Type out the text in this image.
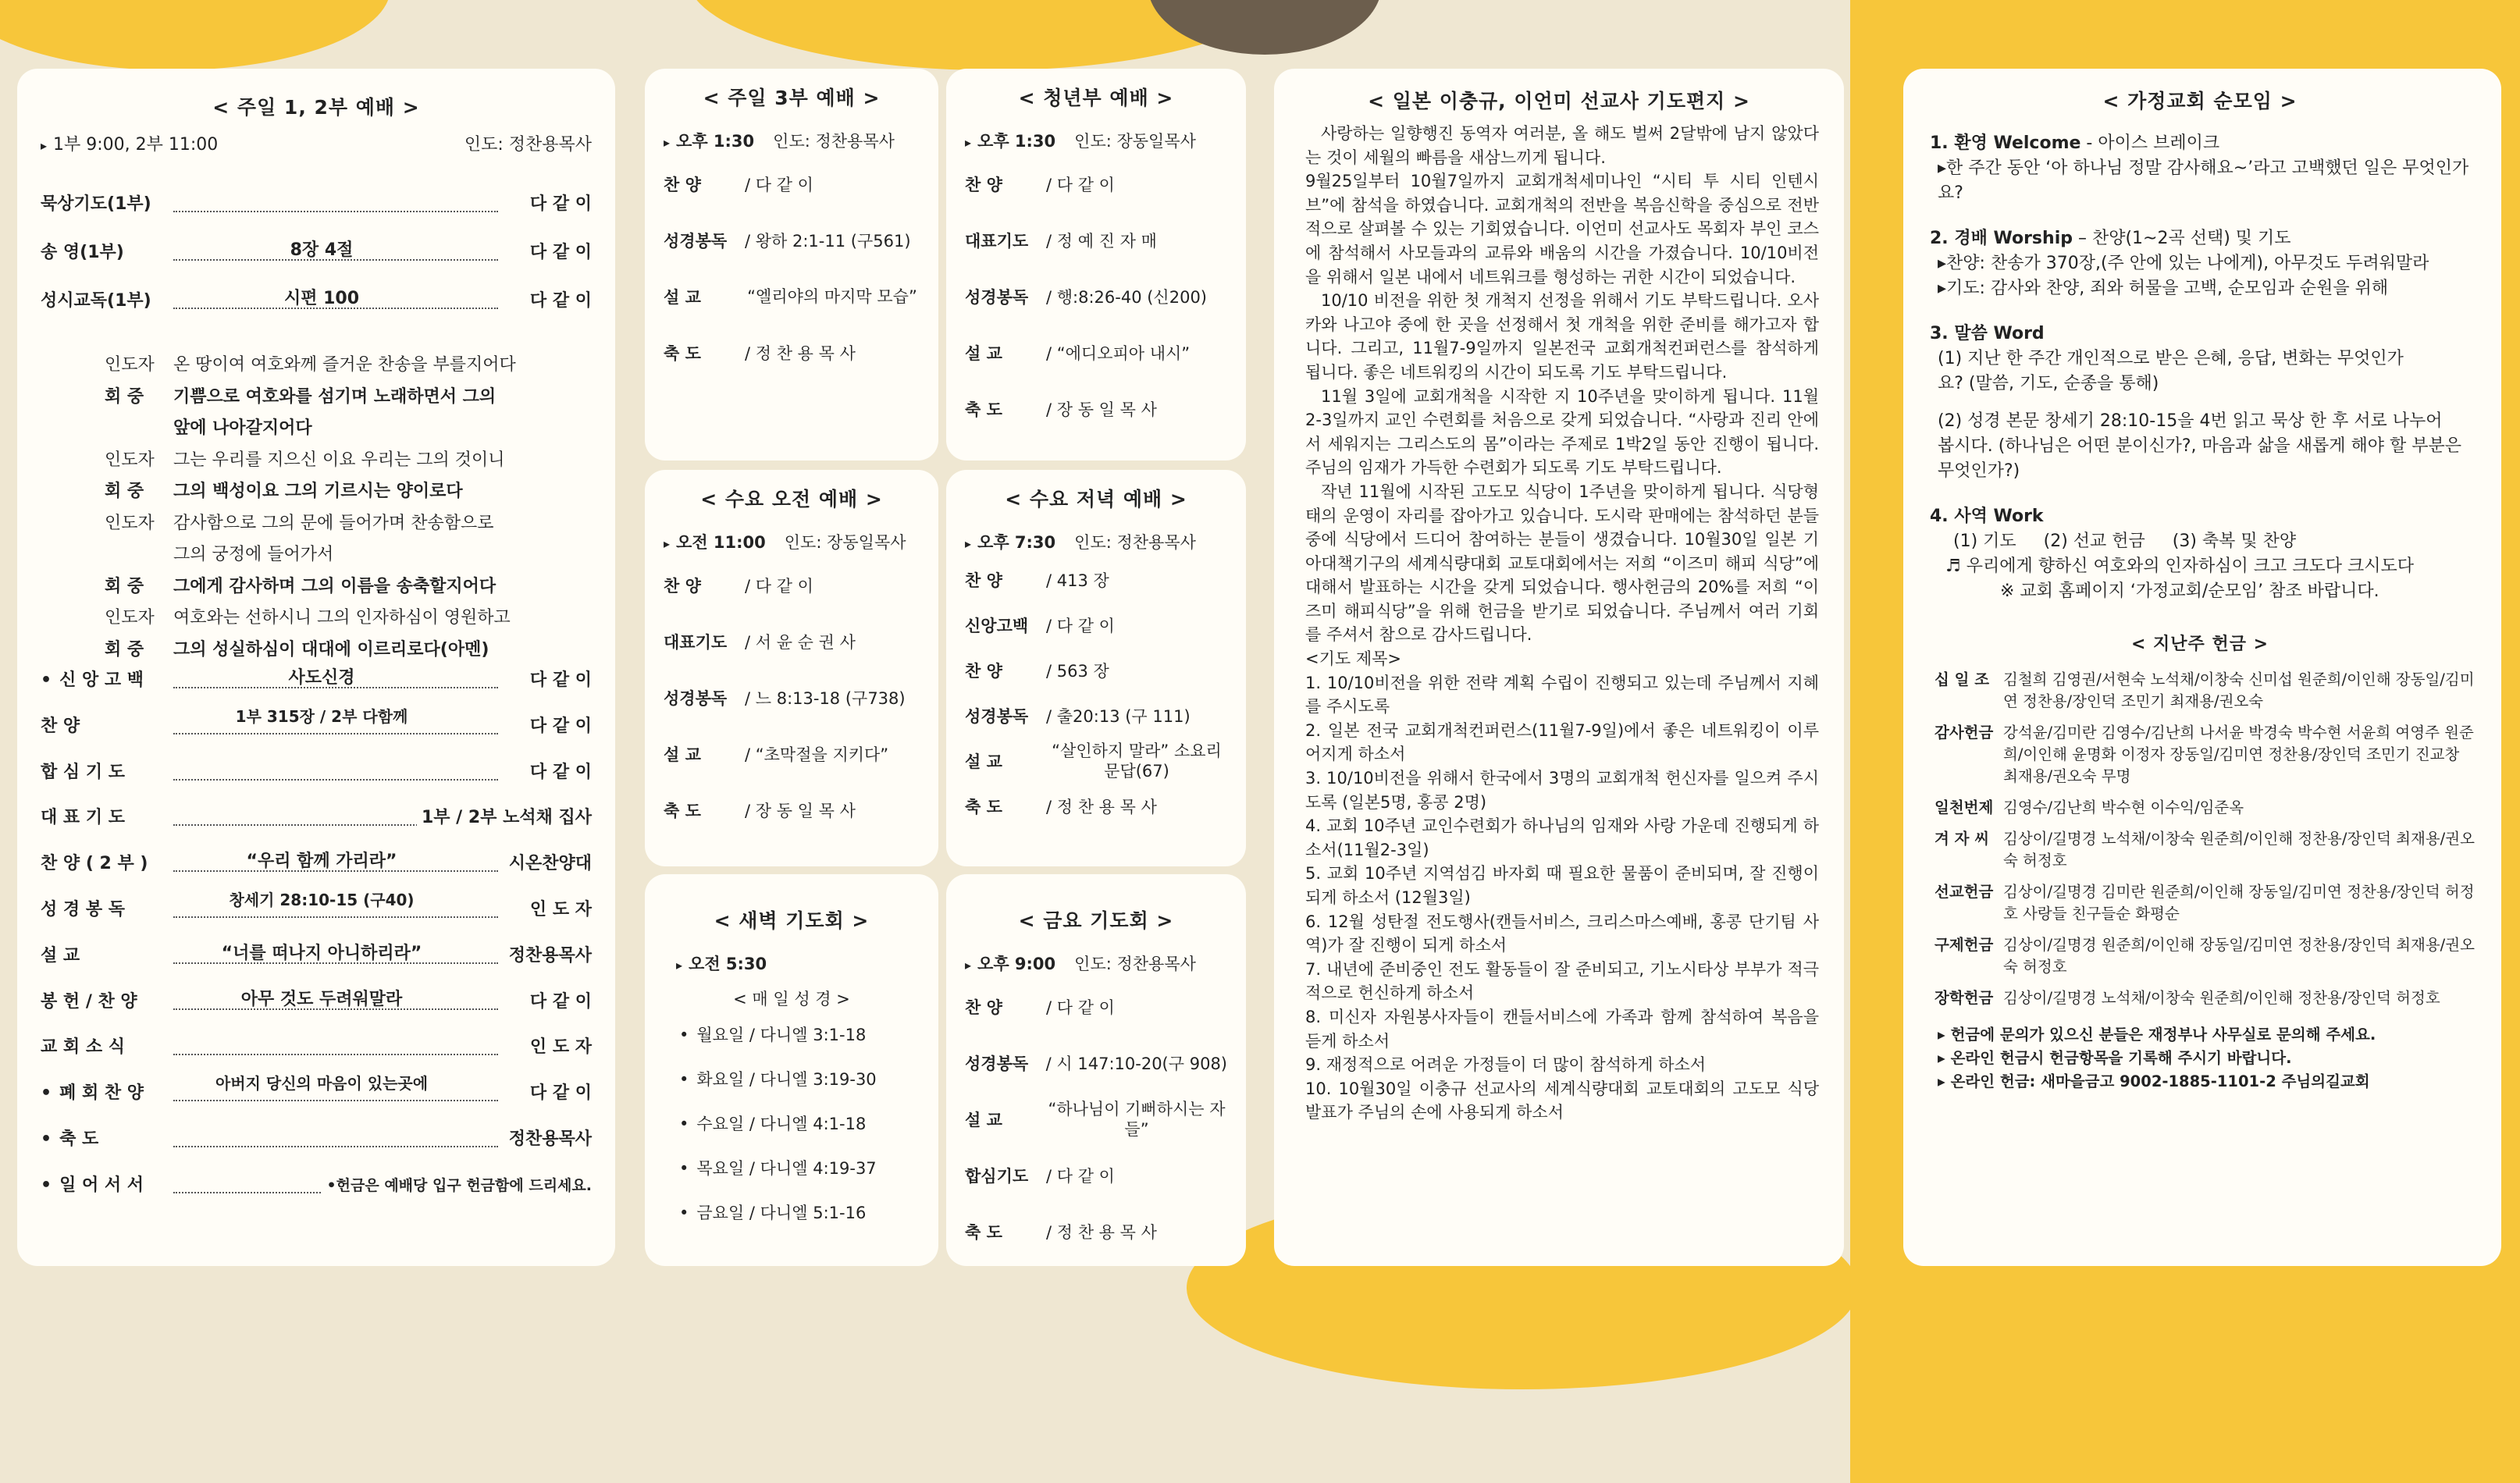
< 주일 1, 2부 예배 >
▸ 1부 9:00, 2부 11:00	인도: 정찬용목사
묵상기도(1부)	다 같 이
송 영(1부)	8장 4절	다 같 이
성시교독(1부)	시편 100	다 같 이
인도자 온 땅이여 여호와께 즐거운 찬송을 부를지어다
회 중 기쁨으로 여호와를 섬기며 노래하면서 그의
앞에 나아갈지어다
인도자 그는 우리를 지으신 이요 우리는 그의 것이니
회 중 그의 백성이요 그의 기르시는 양이로다
인도자 감사함으로 그의 문에 들어가며 찬송함으로
그의 궁정에 들어가서
회 중 그에게 감사하며 그의 이름을 송축할지어다
인도자 여호와는 선하시니 그의 인자하심이 영원하고
회 중 그의 성실하심이 대대에 이르리로다(아멘)
• 신 앙 고 백	사도신경	다 같 이
찬 양	1부 315장 / 2부 다함께	다 같 이
합 심 기 도	다 같 이
대 표 기 도	1부 / 2부 노석채 집사
찬 양 ( 2 부 )	“우리 함께 가리라”	시온찬양대
성 경 봉 독	창세기 28:10-15 (구40)	인 도 자
설 교	“너를 떠나지 아니하리라”	정찬용목사
봉 헌 / 찬 양	아무 것도 두려워말라	다 같 이
교 회 소 식	인 도 자
• 폐 회 찬 양	아버지 당신의 마음이 있는곳에	다 같 이
• 축 도	정찬용목사
• 일 어 서 서	•헌금은 예배당 입구 헌금함에 드리세요.
< 주일 3부 예배 >
▸ 오후 1:30 인도: 정찬용목사
찬 양	/ 다 같 이
성경봉독	/ 왕하 2:1-11 (구561)
설 교	“엘리야의 마지막 모습”
축 도	/ 정 찬 용 목 사
< 청년부 예배 >
▸ 오후 1:30 인도: 장동일목사
찬 양	/ 다 같 이
대표기도	/ 정 예 진 자 매
성경봉독	/ 행:8:26-40 (신200)
설 교	/ “에디오피아 내시”
축 도	/ 장 동 일 목 사
< 수요 오전 예배 >
▸ 오전 11:00 인도: 장동일목사
찬 양	/ 다 같 이
대표기도	/ 서 윤 순 권 사
성경봉독	/ 느 8:13-18 (구738)
설 교	/ “초막절을 지키다”
축 도	/ 장 동 일 목 사
< 수요 저녁 예배 >
▸ 오후 7:30 인도: 정찬용목사
찬 양	/ 413 장
신앙고백	/ 다 같 이
찬 양	/ 563 장
성경봉독	/ 출20:13 (구 111)
설 교
“살인하지 말라” 소요리문답(67)
축 도	/ 정 찬 용 목 사
< 새벽 기도회 >
▸ 오전 5:30
< 매 일 성 경 >
• 월요일 / 다니엘 3:1-18
• 화요일 / 다니엘 3:19-30
• 수요일 / 다니엘 4:1-18
• 목요일 / 다니엘 4:19-37
• 금요일 / 다니엘 5:1-16
< 금요 기도회 >
▸ 오후 9:00 인도: 정찬용목사
찬 양	/ 다 같 이
성경봉독	/ 시 147:10-20(구 908)
설 교
“하나님이 기뻐하시는 자들”
합심기도	/ 다 같 이
축 도	/ 정 찬 용 목 사
< 일본 이충규, 이언미 선교사 기도편지 >
사랑하는 일향행진 동역자 여러분, 올 해도 벌써 2달밖에 남지 않았다는 것이 세월의 빠름을 새삼느끼게 됩니다.
9월25일부터 10월7일까지 교회개척세미나인 “시티 투 시티 인텐시브”에 참석을 하였습니다. 교회개척의 전반을 복음신학을 중심으로 전반적으로 살펴볼 수 있는 기회였습니다. 이언미 선교사도 목회자 부인 코스에 참석해서 사모들과의 교류와 배움의 시간을 가졌습니다. 10/10비전을 위해서 일본 내에서 네트워크를 형성하는 귀한 시간이 되었습니다.
10/10 비전을 위한 첫 개척지 선정을 위해서 기도 부탁드립니다. 오사카와 나고야 중에 한 곳을 선정해서 첫 개척을 위한 준비를 해가고자 합니다. 그리고, 11월7-9일까지 일본전국 교회개척컨퍼런스를 참석하게 됩니다. 좋은 네트워킹의 시간이 되도록 기도 부탁드립니다.
11월 3일에 교회개척을 시작한 지 10주년을 맞이하게 됩니다. 11월 2-3일까지 교인 수련회를 처음으로 갖게 되었습니다. “사랑과 진리 안에서 세워지는 그리스도의 몸”이라는 주제로 1박2일 동안 진행이 됩니다. 주님의 임재가 가득한 수련회가 되도록 기도 부탁드립니다.
작년 11월에 시작된 고도모 식당이 1주년을 맞이하게 됩니다. 식당형태의 운영이 자리를 잡아가고 있습니다. 도시락 판매에는 참석하던 분들 중에 식당에서 드디어 참여하는 분들이 생겼습니다. 10월30일 일본 기아대책기구의 세계식량대회 교토대회에서는 저희 “이즈미 해피 식당”에 대해서 발표하는 시간을 갖게 되었습니다. 행사헌금의 20%를 저희 “이즈미 해피식당”을 위해 헌금을 받기로 되었습니다. 주님께서 여러 기회를 주셔서 참으로 감사드립니다.
<기도 제목>
1. 10/10비전을 위한 전략 계획 수립이 진행되고 있는데 주님께서 지혜를 주시도록
2. 일본 전국 교회개척컨퍼런스(11월7-9일)에서 좋은 네트워킹이 이루어지게 하소서
3. 10/10비전을 위해서 한국에서 3명의 교회개척 헌신자를 일으켜 주시도록 (일본5명, 홍콩 2명)
4. 교회 10주년 교인수련회가 하나님의 임재와 사랑 가운데 진행되게 하소서(11월2-3일)
5. 교회 10주년 지역섬김 바자회 때 필요한 물품이 준비되며, 잘 진행이 되게 하소서 (12월3일)
6. 12월 성탄절 전도행사(캔들서비스, 크리스마스예배, 홍콩 단기팀 사역)가 잘 진행이 되게 하소서
7. 내년에 준비중인 전도 활동들이 잘 준비되고, 기노시타상 부부가 적극적으로 헌신하게 하소서
8. 미신자 자원봉사자들이 캔들서비스에 가족과 함께 참석하여 복음을 듣게 하소서
9. 재정적으로 어려운 가정들이 더 많이 참석하게 하소서
10. 10월30일 이충규 선교사의 세계식량대회 교토대회의 고도모 식당 발표가 주님의 손에 사용되게 하소서
< 가정교회 순모임 >
1. 환영 Welcome - 아이스 브레이크
▸한 주간 동안 ‘아 하나님 정말 감사해요~’라고 고백했던 일은 무엇인가요?
2. 경배 Worship – 찬양(1~2곡 선택) 및 기도
▸찬양: 찬송가 370장,(주 안에 있는 나에게), 아무것도 두려워말라
▸기도: 감사와 찬양, 죄와 허물을 고백, 순모임과 순원을 위해
3. 말씀 Word
(1) 지난 한 주간 개인적으로 받은 은혜, 응답, 변화는 무엇인가요? (말씀, 기도, 순종을 통해)
(2) 성경 본문 창세기 28:10-15을 4번 읽고 묵상 한 후 서로 나누어 봅시다. (하나님은 어떤 분이신가?, 마음과 삶을 새롭게 해야 할 부분은 무엇인가?)
4. 사역 Work
(1) 기도     (2) 선교 헌금     (3) 축복 및 찬양
♬ 우리에게 향하신 여호와의 인자하심이 크고 크도다 크시도다
※ 교회 홈페이지 ‘가정교회/순모임’ 참조 바랍니다.
< 지난주 헌금 >
십 일 조 김철희 김영권/서현숙 노석채/이창숙 신미섭 원준희/이인해 장동일/김미연 정찬용/장인덕 조민기 최재용/권오숙
감사헌금 강석윤/김미란 김영수/김난희 나서윤 박경숙 박수현 서윤희 여영주 원준희/이인해 윤명화 이정자 장동일/김미연 정찬용/장인덕 조민기 진교창 최재용/권오숙 무명
일천번제 김영수/김난희 박수현 이수익/임준옥
겨 자 씨 김상이/길명경 노석채/이창숙 원준희/이인해 정찬용/장인덕 최재용/권오숙 허정호
선교헌금 김상이/길명경 김미란 원준희/이인해 장동일/김미연 정찬용/장인덕 허정호 사랑들 친구들순 화평순
구제헌금 김상이/길명경 원준희/이인해 장동일/김미연 정찬용/장인덕 최재용/권오숙 허정호
장학헌금 김상이/길명경 노석채/이창숙 원준희/이인해 정찬용/장인덕 허정호
▸ 헌금에 문의가 있으신 분들은 재정부나 사무실로 문의해 주세요.
▸ 온라인 헌금시 헌금항목을 기록해 주시기 바랍니다.
▸ 온라인 헌금: 새마을금고 9002-1885-1101-2 주님의길교회
